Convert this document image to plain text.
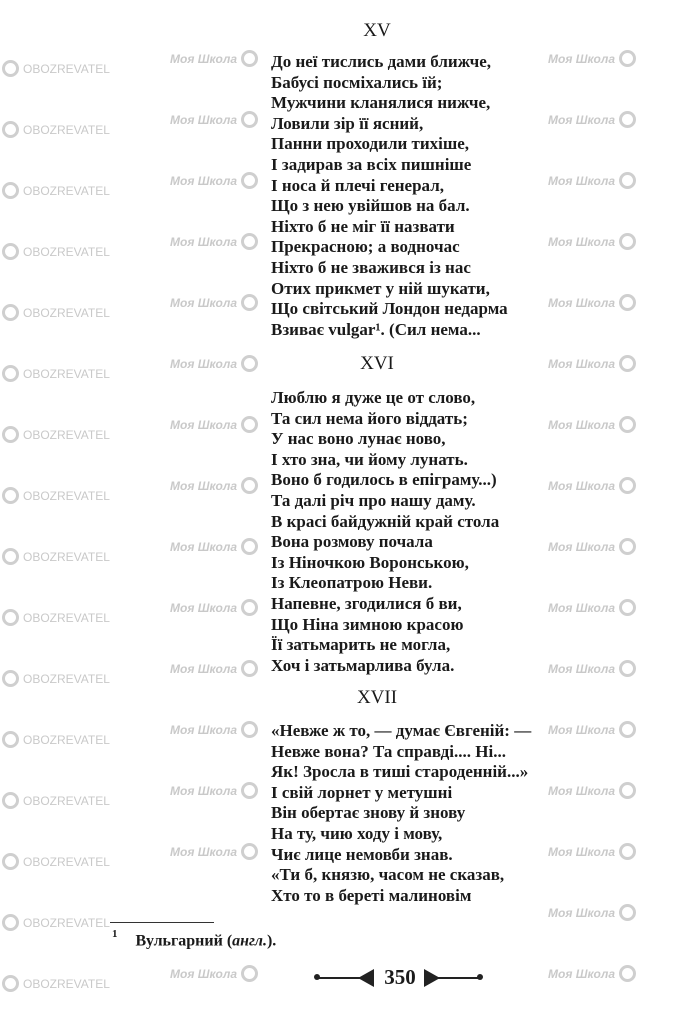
OBOZREVATEL
Моя Школа	Моя Школа
OBOZREVATEL
Моя Школа	Моя Школа
OBOZREVATEL
Моя Школа	Моя Школа
OBOZREVATEL
Моя Школа	Моя Школа
OBOZREVATEL
Моя Школа	Моя Школа
OBOZREVATEL
Моя Школа	Моя Школа
OBOZREVATEL
Моя Школа	Моя Школа
OBOZREVATEL
Моя Школа	Моя Школа
OBOZREVATEL
Моя Школа	Моя Школа
OBOZREVATEL
Моя Школа	Моя Школа
OBOZREVATEL
Моя Школа	Моя Школа
OBOZREVATEL
Моя Школа	Моя Школа
OBOZREVATEL
Моя Школа	Моя Школа
OBOZREVATEL
Моя Школа	Моя Школа
OBOZREVATEL
Моя Школа
OBOZREVATEL
Моя Школа	Моя Школа
XV
До неї тислись дами ближче,
Бабусі посміхались їй;
Мужчини кланялися нижче,
Ловили зір її ясний,
Панни проходили тихіше,
І задирав за всіх пишніше
І носа й плечі генерал,
Що з нею увійшов на бал.
Ніхто б не міг її назвати
Прекрасною; а водночас
Ніхто б не зважився із нас
Отих прикмет у ній шукати,
Що світський Лондон недарма
Взиває vulgar¹. (Сил нема...
XVI
Люблю я дуже це от слово,
Та сил нема його віддать;
У нас воно лунає ново,
І хто зна, чи йому лунать.
Воно б годилось в епіграму...)
Та далі річ про нашу даму.
В красі байдужній край стола
Вона розмову почала
Із Ніночкою Воронською,
Із Клеопатрою Неви.
Напевне, згодилися б ви,
Що Ніна зимною красою
Її затьмарить не могла,
Хоч і затьмарлива була.
XVII
«Невже ж то, — думає Євгеній: —
Невже вона? Та справді.... Ні...
Як! Зросла в тиші староденній...»
І свій лорнет у метушні
Він обертає знову й знову
На ту, чию ходу і мову,
Чиє лице немовби знав.
«Ти б, князю, часом не сказав,
Хто то в береті малиновім
$^1$ Вульгарний (англ.).
350
